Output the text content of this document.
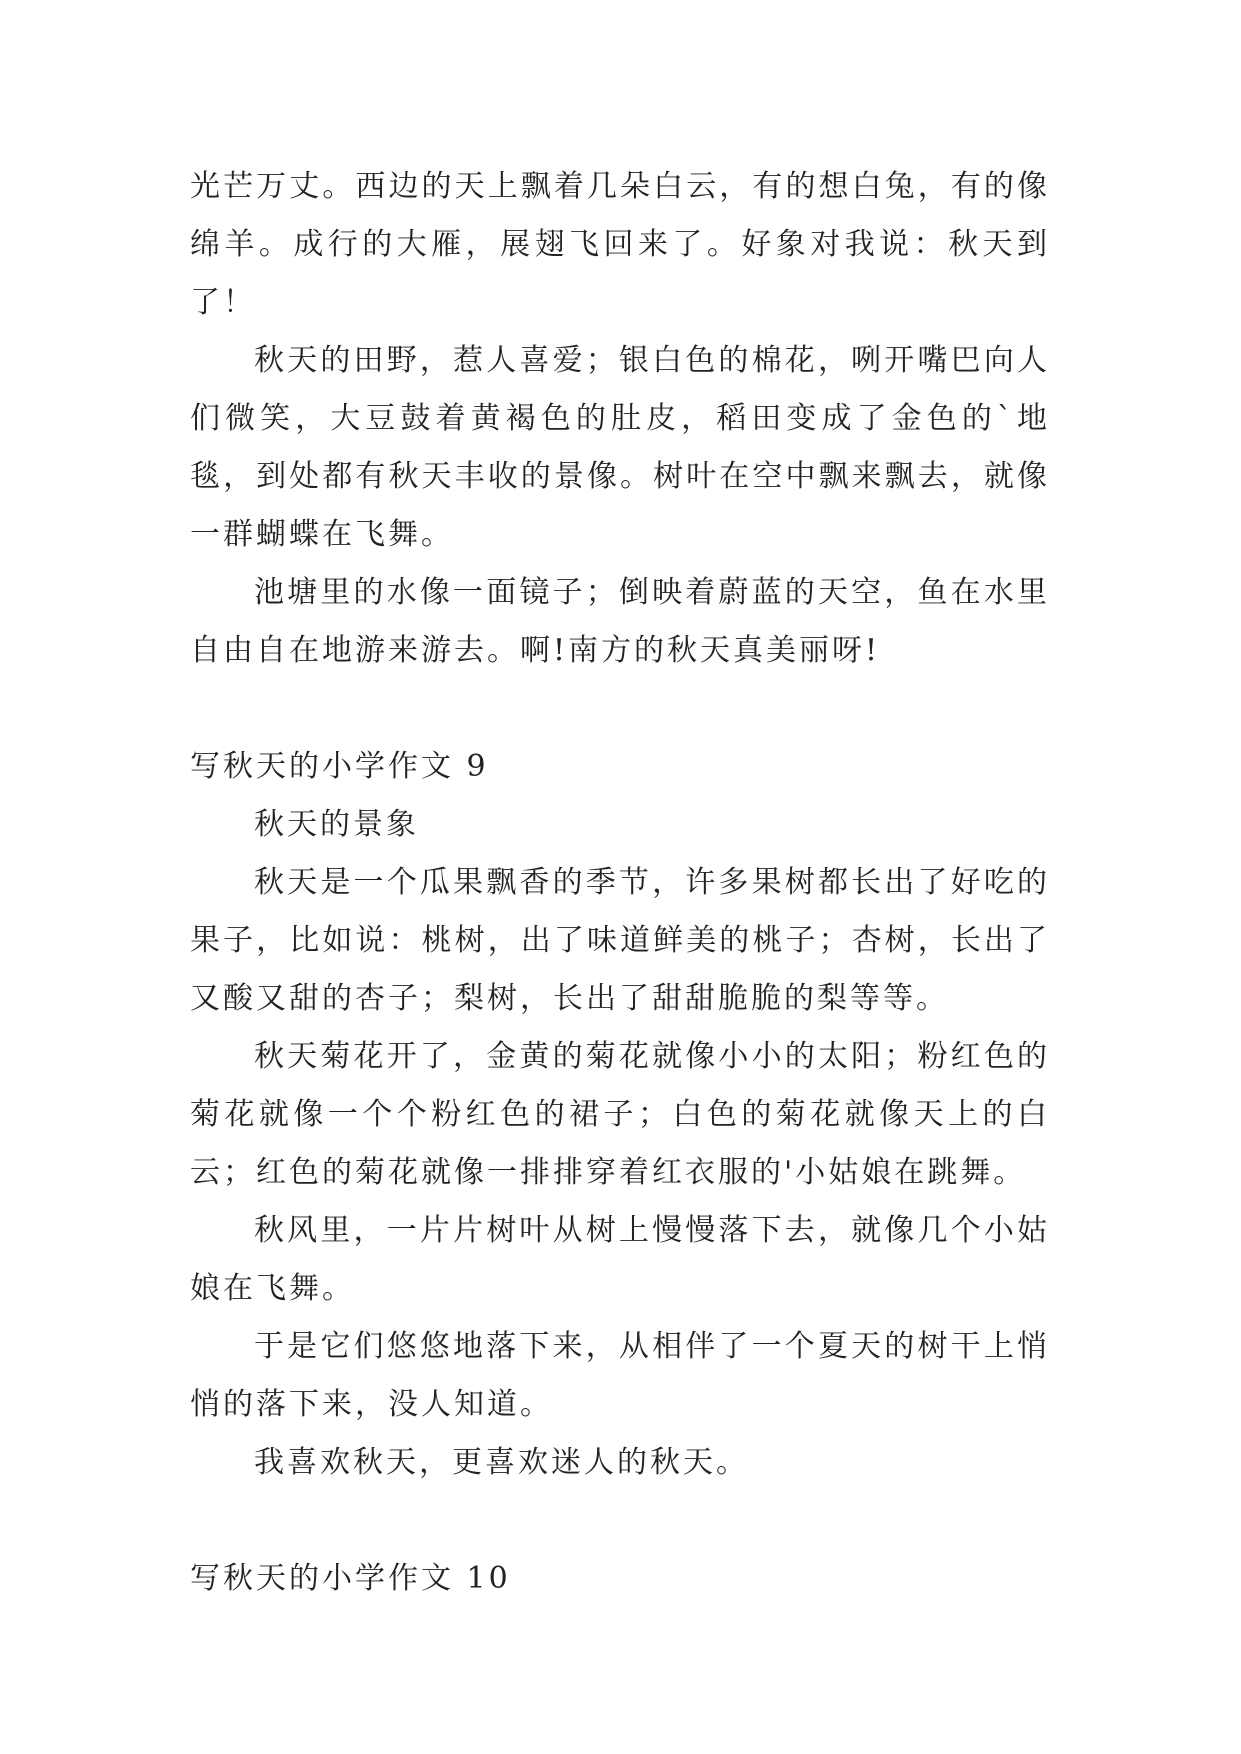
光芒万丈。西边的天上飘着几朵白云，有的想白兔，有的像绵羊。成行的大雁，展翅飞回来了。好象对我说：秋天到了！

秋天的田野，惹人喜爱；银白色的棉花，咧开嘴巴向人们微笑，大豆鼓着黄褐色的肚皮，稻田变成了金色的`地毯，到处都有秋天丰收的景像。树叶在空中飘来飘去，就像一群蝴蝶在飞舞。

池塘里的水像一面镜子；倒映着蔚蓝的天空，鱼在水里自由自在地游来游去。啊!南方的秋天真美丽呀!

写秋天的小学作文 9

秋天的景象

秋天是一个瓜果飘香的季节，许多果树都长出了好吃的果子，比如说：桃树，出了味道鲜美的桃子；杏树，长出了又酸又甜的杏子；梨树，长出了甜甜脆脆的梨等等。

秋天菊花开了，金黄的菊花就像小小的太阳；粉红色的菊花就像一个个粉红色的裙子；白色的菊花就像天上的白云；红色的菊花就像一排排穿着红衣服的'小姑娘在跳舞。

秋风里，一片片树叶从树上慢慢落下去，就像几个小姑娘在飞舞。

于是它们悠悠地落下来，从相伴了一个夏天的树干上悄悄的落下来，没人知道。

我喜欢秋天，更喜欢迷人的秋天。

写秋天的小学作文 10
